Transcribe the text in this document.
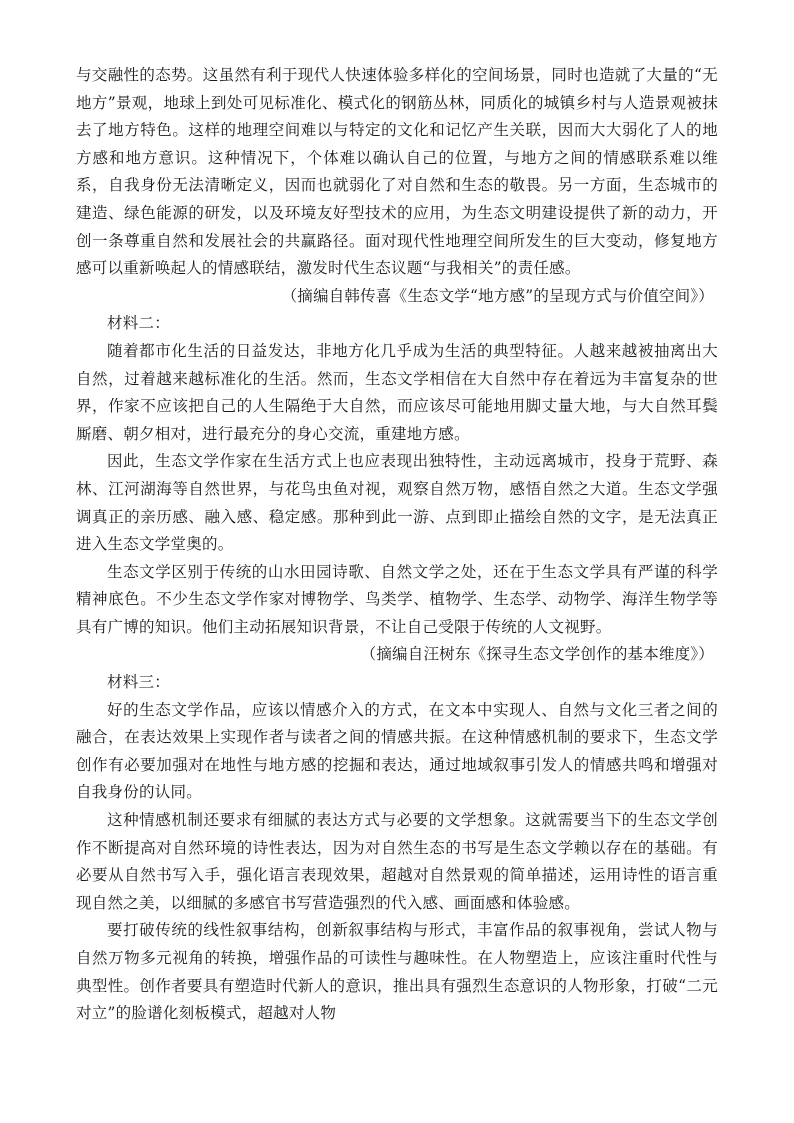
与交融性的态势。这虽然有利于现代人快速体验多样化的空间场景，同时也造就了大量的“无地方”景观，地球上到处可见标准化、模式化的钢筋丛林，同质化的城镇乡村与人造景观被抹去了地方特色。这样的地理空间难以与特定的文化和记忆产生关联，因而大大弱化了人的地方感和地方意识。这种情况下，个体难以确认自己的位置，与地方之间的情感联系难以维系，自我身份无法清晰定义，因而也就弱化了对自然和生态的敬畏。另一方面，生态城市的建造、绿色能源的研发，以及环境友好型技术的应用，为生态文明建设提供了新的动力，开创一条尊重自然和发展社会的共赢路径。面对现代性地理空间所发生的巨大变动，修复地方感可以重新唤起人的情感联结，激发时代生态议题“与我相关”的责任感。

（摘编自韩传喜《生态文学“地方感”的呈现方式与价值空间》）

材料二：

随着都市化生活的日益发达，非地方化几乎成为生活的典型特征。人越来越被抽离出大自然，过着越来越标准化的生活。然而，生态文学相信在大自然中存在着远为丰富复杂的世界，作家不应该把自己的人生隔绝于大自然，而应该尽可能地用脚丈量大地，与大自然耳鬓厮磨、朝夕相对，进行最充分的身心交流，重建地方感。

因此，生态文学作家在生活方式上也应表现出独特性，主动远离城市，投身于荒野、森林、江河湖海等自然世界，与花鸟虫鱼对视，观察自然万物，感悟自然之大道。生态文学强调真正的亲历感、融入感、稳定感。那种到此一游、点到即止描绘自然的文字，是无法真正进入生态文学堂奥的。

生态文学区别于传统的山水田园诗歌、自然文学之处，还在于生态文学具有严谨的科学精神底色。不少生态文学作家对博物学、鸟类学、植物学、生态学、动物学、海洋生物学等具有广博的知识。他们主动拓展知识背景，不让自己受限于传统的人文视野。

（摘编自汪树东《探寻生态文学创作的基本维度》）

材料三：

好的生态文学作品，应该以情感介入的方式，在文本中实现人、自然与文化三者之间的融合，在表达效果上实现作者与读者之间的情感共振。在这种情感机制的要求下，生态文学创作有必要加强对在地性与地方感的挖掘和表达，通过地域叙事引发人的情感共鸣和增强对自我身份的认同。

这种情感机制还要求有细腻的表达方式与必要的文学想象。这就需要当下的生态文学创作不断提高对自然环境的诗性表达，因为对自然生态的书写是生态文学赖以存在的基础。有必要从自然书写入手，强化语言表现效果，超越对自然景观的简单描述，运用诗性的语言重现自然之美，以细腻的多感官书写营造强烈的代入感、画面感和体验感。

要打破传统的线性叙事结构，创新叙事结构与形式，丰富作品的叙事视角，尝试人物与自然万物多元视角的转换，增强作品的可读性与趣味性。在人物塑造上，应该注重时代性与典型性。创作者要具有塑造时代新人的意识，推出具有强烈生态意识的人物形象，打破“二元对立”的脸谱化刻板模式，超越对人物
